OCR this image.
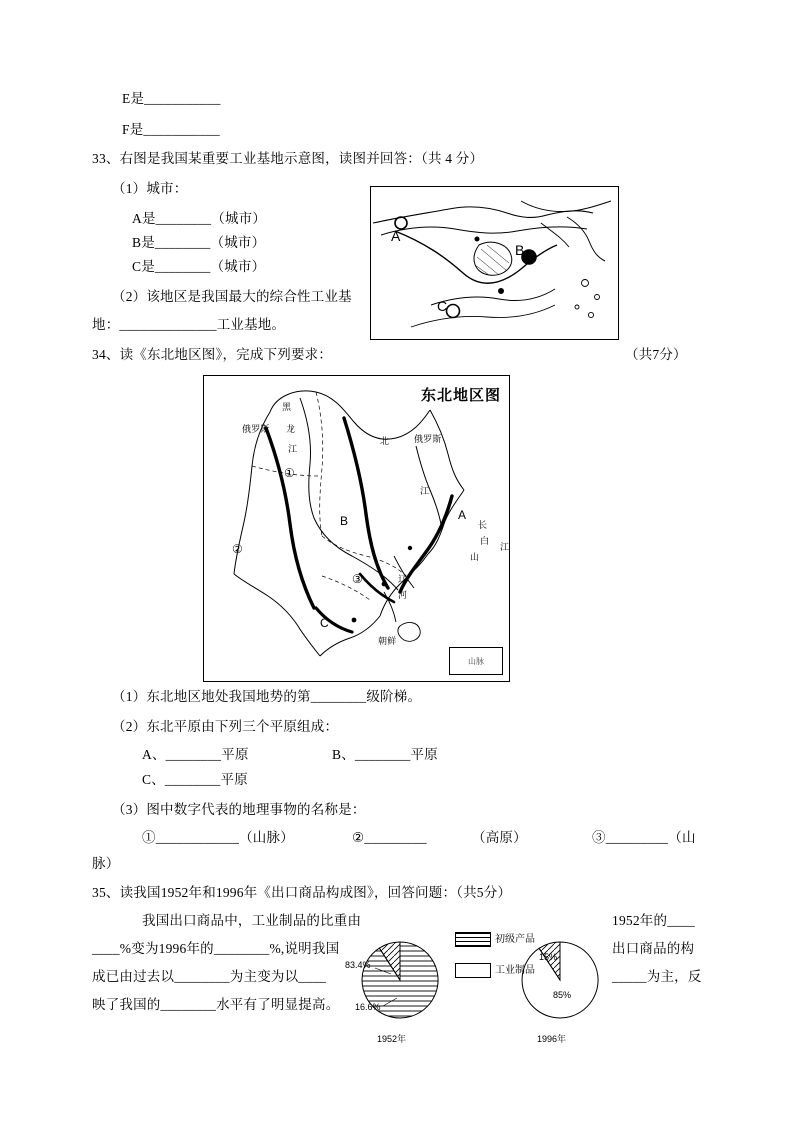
E是___________
F是___________
33、右图是我国某重要工业基地示意图，读图并回答：（共 4 分）
（1）城市：
A是________（城市）
B是________（城市）
C是________（城市）
（2）该地区是我国最大的综合性工业基
地：______________工业基地。
34、读《东北地区图》，完成下列要求：	（共7分）
（1）东北地区地处我国地势的第________级阶梯。
（2）东北平原由下列三个平原组成：
A、________平原	B、________平原
C、________平原
（3）图中数字代表的地理事物的名称是：
①____________（山脉）	②_________	（高原）	③_________（山
脉）
35、读我国1952年和1996年《出口商品构成图》，回答问题：（共5分）
我国出口商品中，工业制品的比重由	1952年的____
____%变为1996年的________%,说明我国	出口商品的构
成已由过去以________为主变为以____	_____为主，反
映了我国的________水平有了明显提高。
A
B
C
东北地区图
黑
俄罗斯 龙
江
①
北	俄罗斯
江
②
B	A
长
白
山
江
③
C
辽
河
朝鲜
山脉
83.4%
16.6%
1952年
15%
85%
1996年
初级产品
工业制品
